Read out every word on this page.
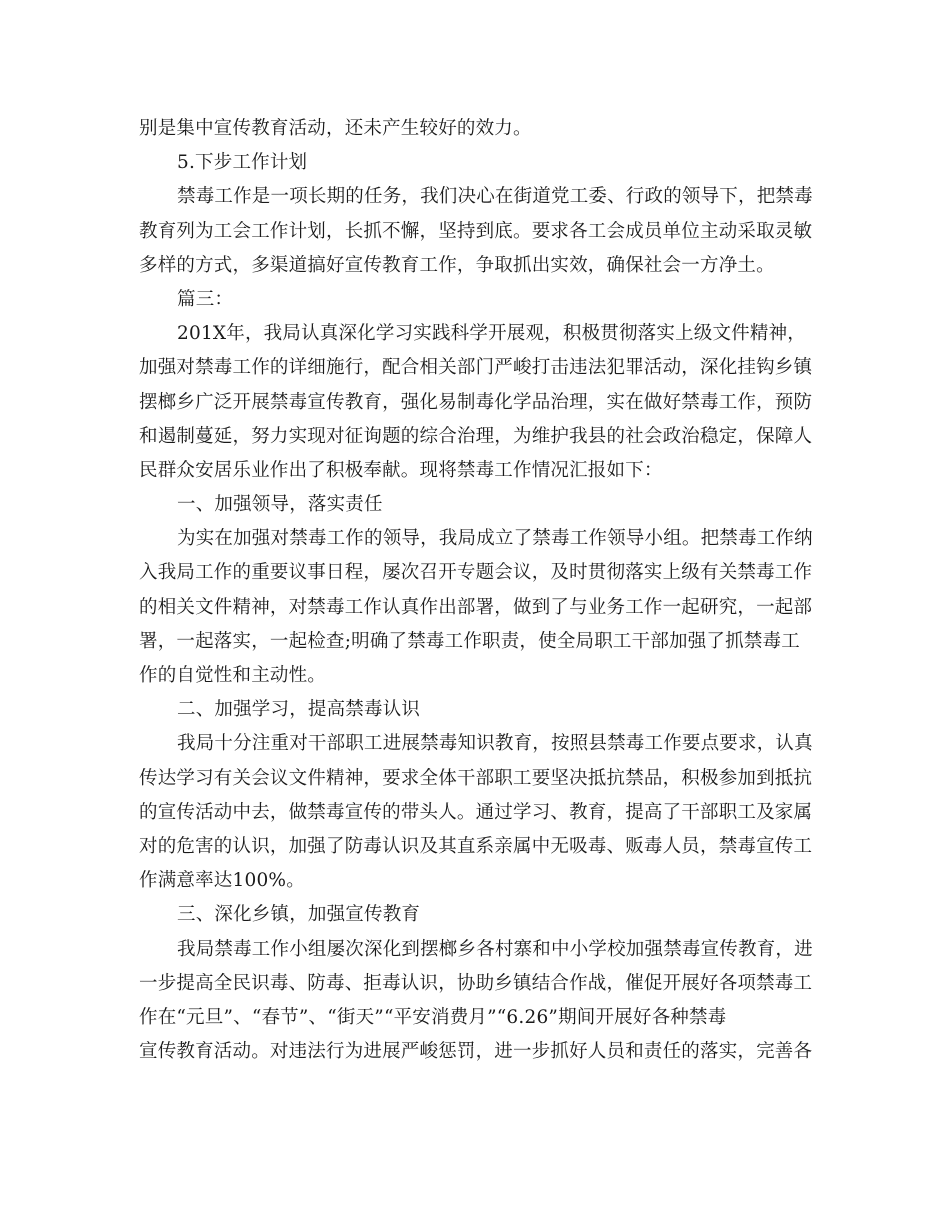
别是集中宣传教育活动，还未产生较好的效力。
5.下步工作计划
禁毒工作是一项长期的任务，我们决心在街道党工委、行政的领导下，把禁毒
教育列为工会工作计划，长抓不懈，坚持到底。要求各工会成员单位主动采取灵敏
多样的方式，多渠道搞好宣传教育工作，争取抓出实效，确保社会一方净土。
篇三：
201X年，我局认真深化学习实践科学开展观，积极贯彻落实上级文件精神，
加强对禁毒工作的详细施行，配合相关部门严峻打击违法犯罪活动，深化挂钩乡镇
摆榔乡广泛开展禁毒宣传教育，强化易制毒化学品治理，实在做好禁毒工作，预防
和遏制蔓延，努力实现对征询题的综合治理，为维护我县的社会政治稳定，保障人
民群众安居乐业作出了积极奉献。现将禁毒工作情况汇报如下：
一、加强领导，落实责任
为实在加强对禁毒工作的领导，我局成立了禁毒工作领导小组。把禁毒工作纳
入我局工作的重要议事日程，屡次召开专题会议，及时贯彻落实上级有关禁毒工作
的相关文件精神，对禁毒工作认真作出部署，做到了与业务工作一起研究，一起部
署，一起落实，一起检查;明确了禁毒工作职责，使全局职工干部加强了抓禁毒工
作的自觉性和主动性。
二、加强学习，提高禁毒认识
我局十分注重对干部职工进展禁毒知识教育，按照县禁毒工作要点要求，认真
传达学习有关会议文件精神，要求全体干部职工要坚决抵抗禁品，积极参加到抵抗
的宣传活动中去，做禁毒宣传的带头人。通过学习、教育，提高了干部职工及家属
对的危害的认识，加强了防毒认识及其直系亲属中无吸毒、贩毒人员，禁毒宣传工
作满意率达100%。
三、深化乡镇，加强宣传教育
我局禁毒工作小组屡次深化到摆榔乡各村寨和中小学校加强禁毒宣传教育，进
一步提高全民识毒、防毒、拒毒认识，协助乡镇结合作战，催促开展好各项禁毒工
作在“元旦”、“春节”、“街天”“平安消费月”“6.26”期间开展好各种禁毒
宣传教育活动。对违法行为进展严峻惩罚，进一步抓好人员和责任的落实，完善各
